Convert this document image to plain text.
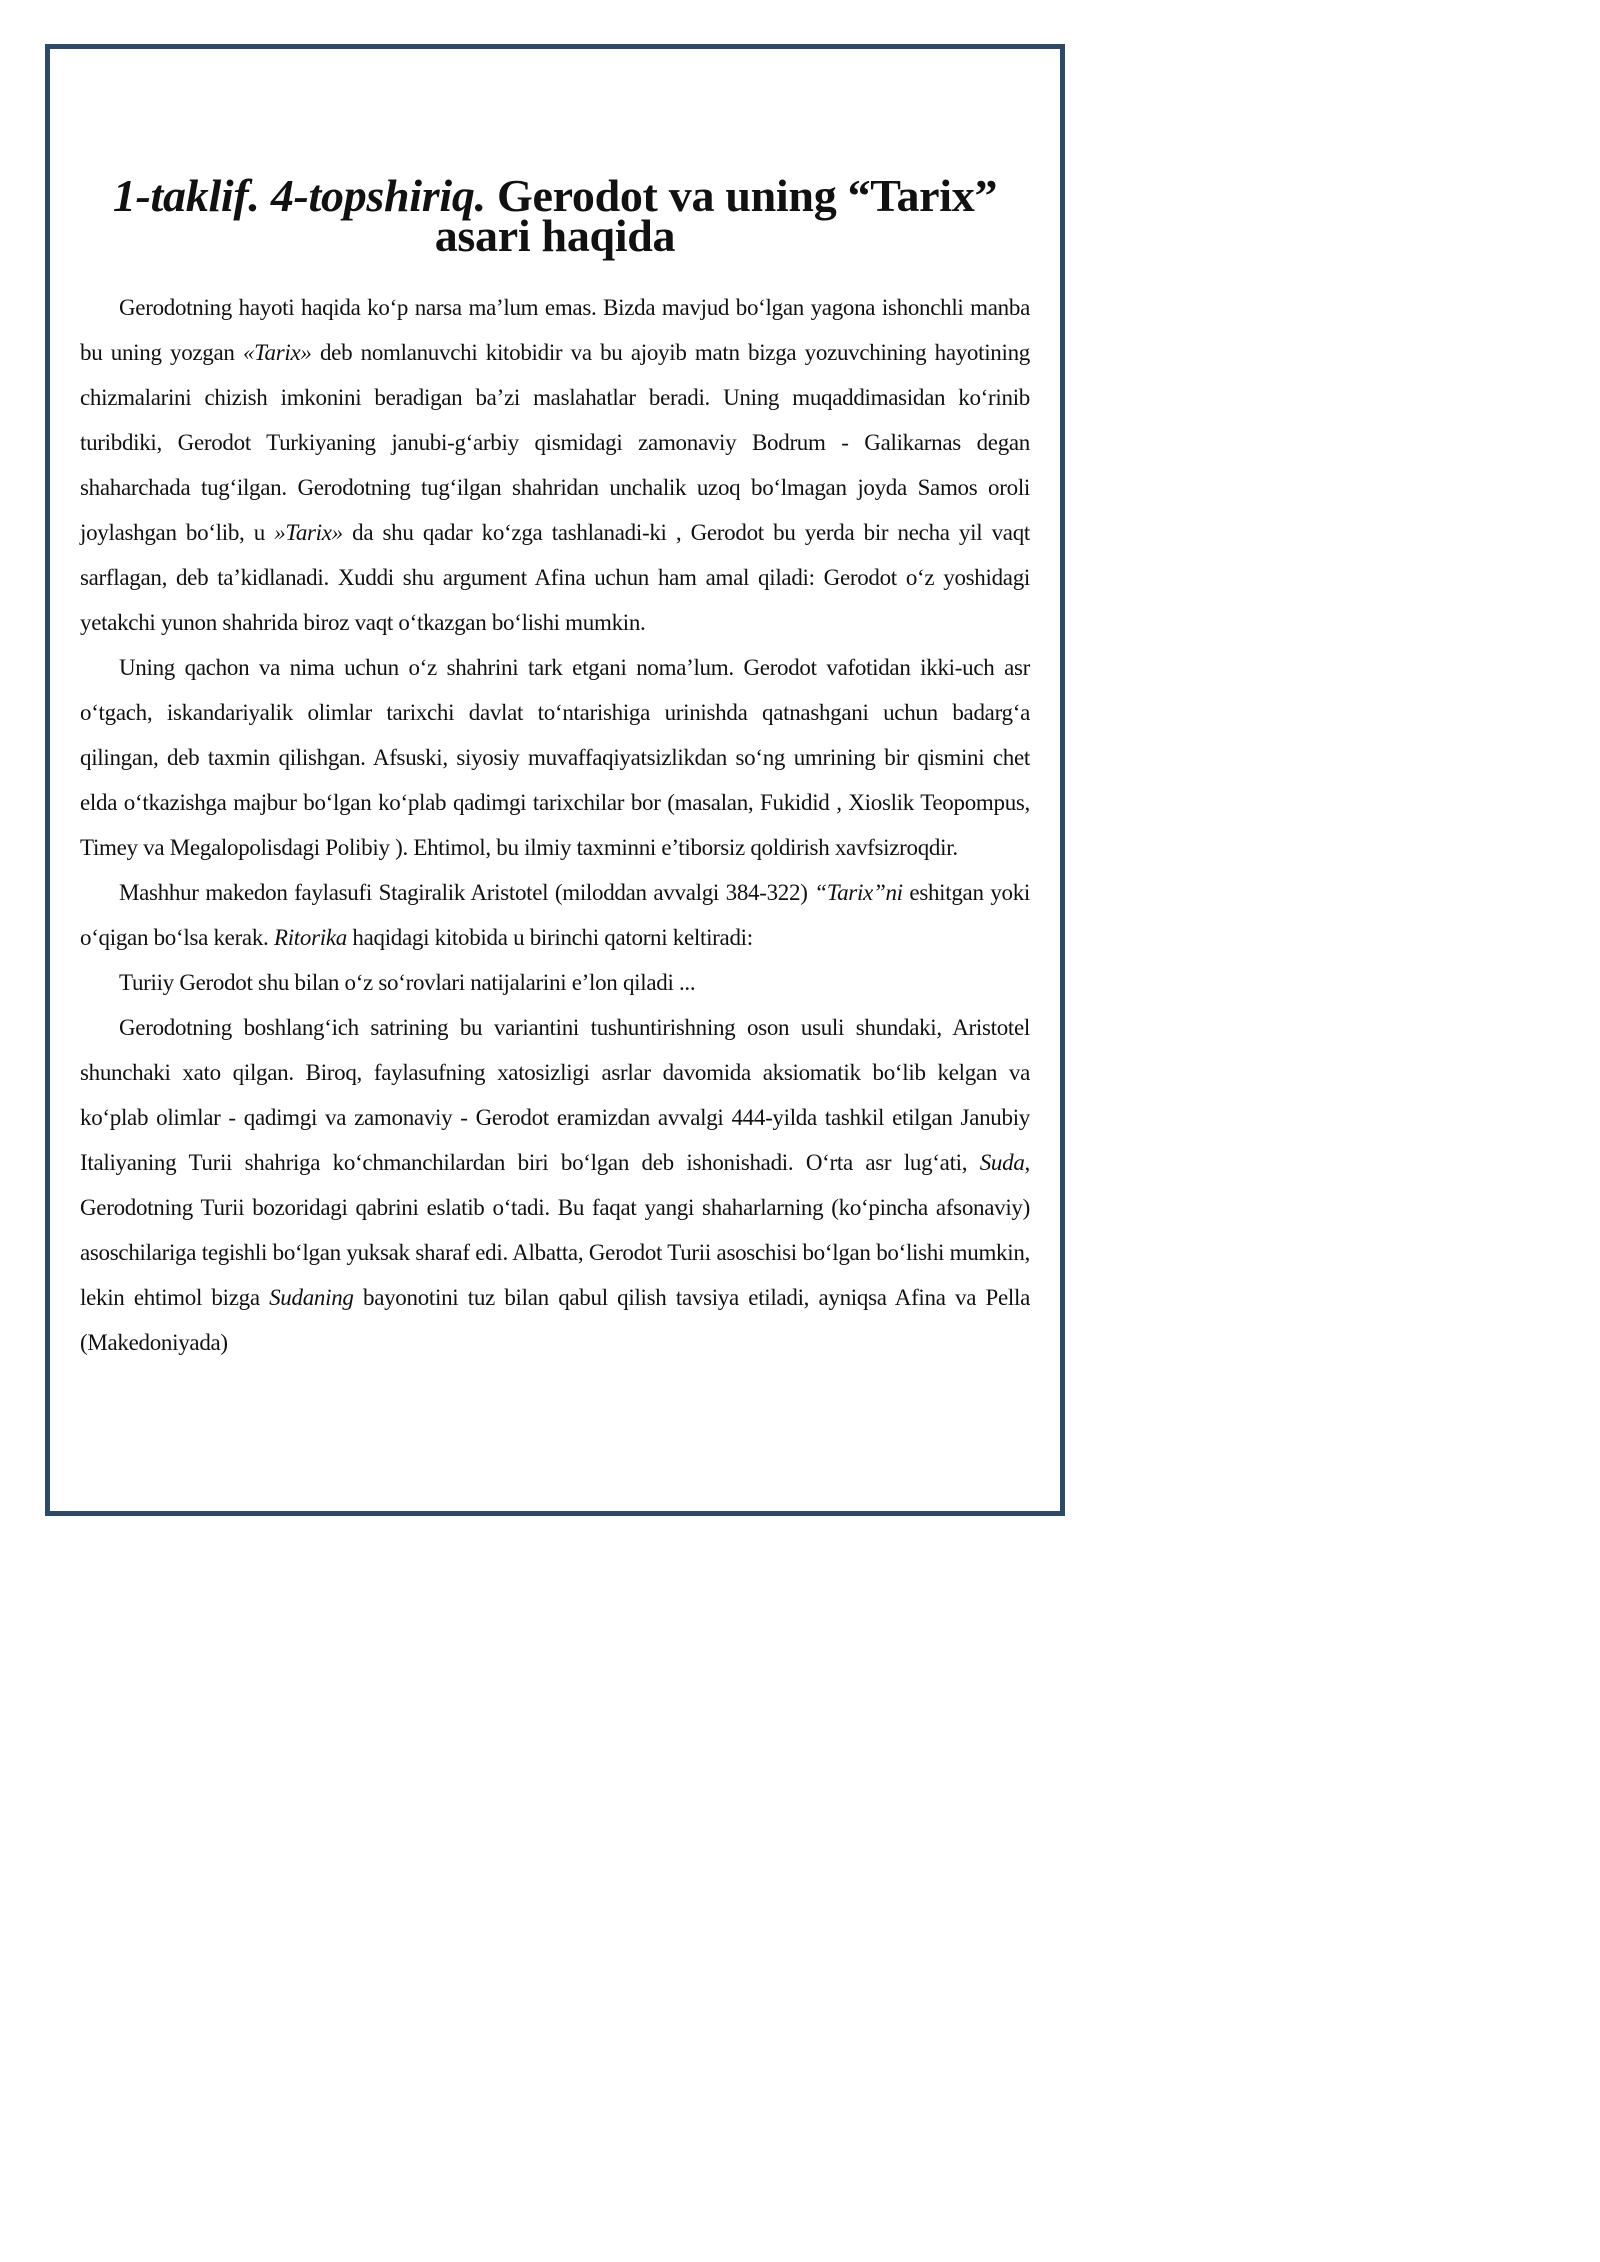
1-taklif. 4-topshiriq. Gerodot va uning “Tarix” asari haqida

Gerodotning hayoti haqida ko‘p narsa ma’lum emas. Bizda mavjud bo‘lgan yagona ishonchli manba bu uning yozgan «Tarix» deb nomlanuvchi kitobidir va bu ajoyib matn bizga yozuvchining hayotining chizmalarini chizish imkonini beradigan ba’zi maslahatlar beradi. Uning muqaddimasidan ko‘rinib turibdiki, Gerodot Turkiyaning janubi-g‘arbiy qismidagi zamonaviy Bodrum - Galikarnas degan shaharchada tug‘ilgan. Gerodotning tug‘ilgan shahridan unchalik uzoq bo‘lmagan joyda Samos oroli joylashgan bo‘lib, u »Tarix» da shu qadar ko‘zga tashlanadi-ki , Gerodot bu yerda bir necha yil vaqt sarflagan, deb ta’kidlanadi. Xuddi shu argument Afina uchun ham amal qiladi: Gerodot o‘z yoshidagi yetakchi yunon shahrida biroz vaqt o‘tkazgan bo‘lishi mumkin.

Uning qachon va nima uchun o‘z shahrini tark etgani noma’lum. Gerodot vafotidan ikki-uch asr o‘tgach, iskandariyalik olimlar tarixchi davlat to‘ntarishiga urinishda qatnashgani uchun badarg‘a qilingan, deb taxmin qilishgan. Afsuski, siyosiy muvaffaqiyatsizlikdan so‘ng umrining bir qismini chet elda o‘tkazishga majbur bo‘lgan ko‘plab qadimgi tarixchilar bor (masalan, Fukidid , Xioslik Teopompus, Timey va Megalopolisdagi Polibiy ). Ehtimol, bu ilmiy taxminni e’tiborsiz qoldirish xavfsizroqdir.

Mashhur makedon faylasufi Stagiralik Aristotel (miloddan avvalgi 384-322) “Tarix”ni eshitgan yoki o‘qigan bo‘lsa kerak. Ritorika haqidagi kitobida u birinchi qatorni keltiradi:

Turiiy Gerodot shu bilan o‘z so‘rovlari natijalarini e’lon qiladi ...

Gerodotning boshlang‘ich satrining bu variantini tushuntirishning oson usuli shundaki, Aristotel shunchaki xato qilgan. Biroq, faylasufning xatosizligi asrlar davomida aksiomatik bo‘lib kelgan va ko‘plab olimlar - qadimgi va zamonaviy - Gerodot eramizdan avvalgi 444-yilda tashkil etilgan Janubiy Italiyaning Turii shahriga ko‘chmanchilardan biri bo‘lgan deb ishonishadi. O‘rta asr lug‘ati, Suda, Gerodotning Turii bozoridagi qabrini eslatib o‘tadi. Bu faqat yangi shaharlarning (ko‘pincha afsonaviy) asoschilariga tegishli bo‘lgan yuksak sharaf edi. Albatta, Gerodot Turii asoschisi bo‘lgan bo‘lishi mumkin, lekin ehtimol bizga Sudaning bayonotini tuz bilan qabul qilish tavsiya etiladi, ayniqsa Afina va Pella (Makedoniyada)
